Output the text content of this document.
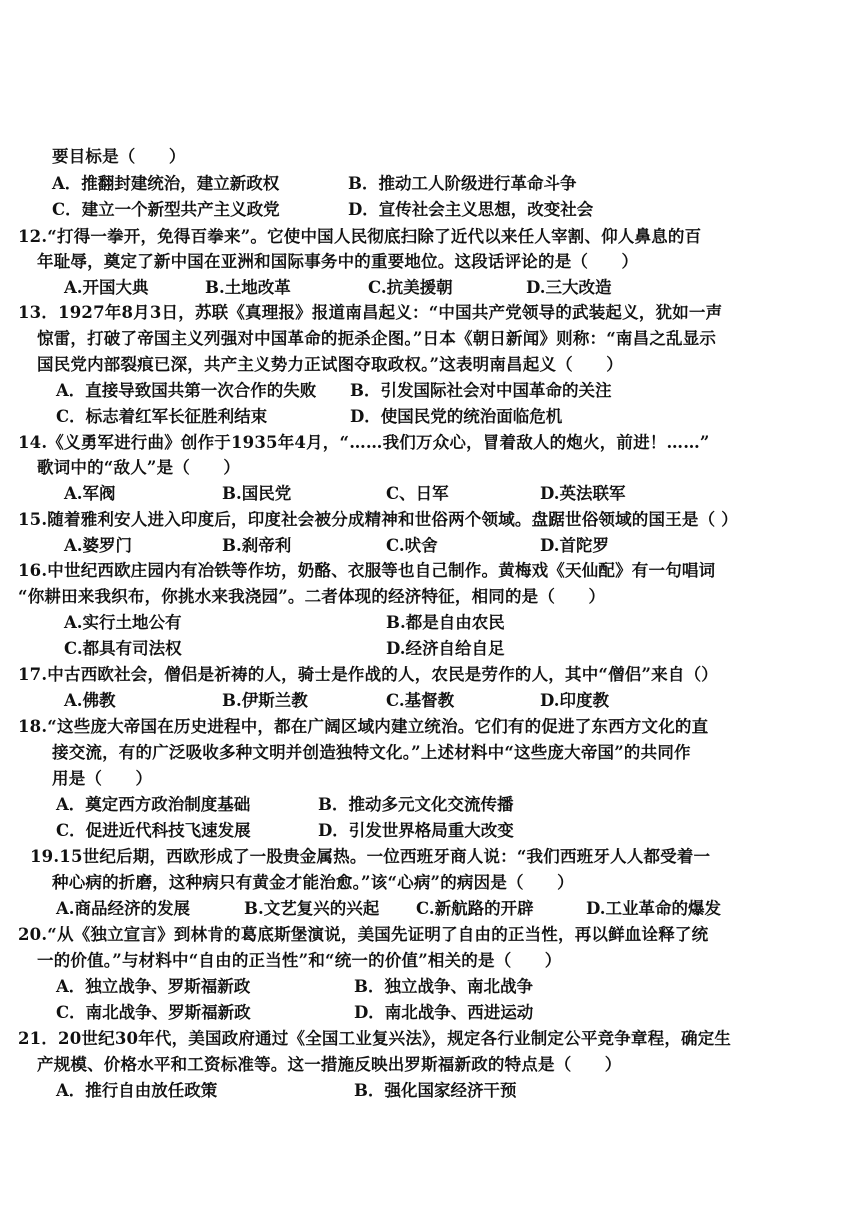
要目标是（　　）
A．推翻封建统治，建立新政权	B．推动工人阶级进行革命斗争
C．建立一个新型共产主义政党	D．宣传社会主义思想，改变社会
12.“打得一拳开，免得百拳来”。它使中国人民彻底扫除了近代以来任人宰割、仰人鼻息的百
年耻辱，奠定了新中国在亚洲和国际事务中的重要地位。这段话评论的是（　　）
A.开国大典	B.土地改革	C.抗美援朝	D.三大改造
13．1927年8月3日，苏联《真理报》报道南昌起义：“中国共产党领导的武装起义，犹如一声
惊雷，打破了帝国主义列强对中国革命的扼杀企图。”日本《朝日新闻》则称：“南昌之乱显示
国民党内部裂痕已深，共产主义势力正试图夺取政权。”这表明南昌起义（　　）
A．直接导致国共第一次合作的失败 B．引发国际社会对中国革命的关注
C．标志着红军长征胜利结束	D．使国民党的统治面临危机
14.《义勇军进行曲》创作于1935年4月，“……我们万众心，冒着敌人的炮火，前进！……”
歌词中的“敌人”是（　　）
A.军阀	B.国民党	C、日军	D.英法联军
15.随着雅利安人进入印度后，印度社会被分成精神和世俗两个领域。盘踞世俗领域的国王是（ ）
A.婆罗门	B.刹帝利	C.吠舍	D.首陀罗
16.中世纪西欧庄园内有冶铁等作坊，奶酪、衣服等也自己制作。黄梅戏《天仙配》有一句唱词
“你耕田来我织布，你挑水来我浇园”。二者体现的经济特征，相同的是（　　）
A.实行土地公有	B.都是自由农民
C.都具有司法权	D.经济自给自足
17.中古西欧社会，僧侣是祈祷的人，骑士是作战的人，农民是劳作的人，其中“僧侣”来自（）
A.佛教	B.伊斯兰教	C.基督教	D.印度教
18.“这些庞大帝国在历史进程中，都在广阔区域内建立统治。它们有的促进了东西方文化的直
接交流，有的广泛吸收多种文明并创造独特文化。”上述材料中“这些庞大帝国”的共同作
用是（　　）
A．奠定西方政治制度基础	B．推动多元文化交流传播
C．促进近代科技飞速发展	D．引发世界格局重大改变
19.15世纪后期，西欧形成了一股贵金属热。一位西班牙商人说：“我们西班牙人人都受着一
种心病的折磨，这种病只有黄金才能治愈。”该“心病”的病因是（　　）
A.商品经济的发展	B.文艺复兴的兴起 C.新航路的开辟	D.工业革命的爆发
20.“从《独立宣言》到林肯的葛底斯堡演说，美国先证明了自由的正当性，再以鲜血诠释了统
一的价值。”与材料中“自由的正当性”和“统一的价值”相关的是（　　）
A．独立战争、罗斯福新政	B．独立战争、南北战争
C．南北战争、罗斯福新政	D．南北战争、西进运动
21．20世纪30年代，美国政府通过《全国工业复兴法》，规定各行业制定公平竞争章程，确定生
产规模、价格水平和工资标准等。这一措施反映出罗斯福新政的特点是（　　）
A．推行自由放任政策	B．强化国家经济干预
